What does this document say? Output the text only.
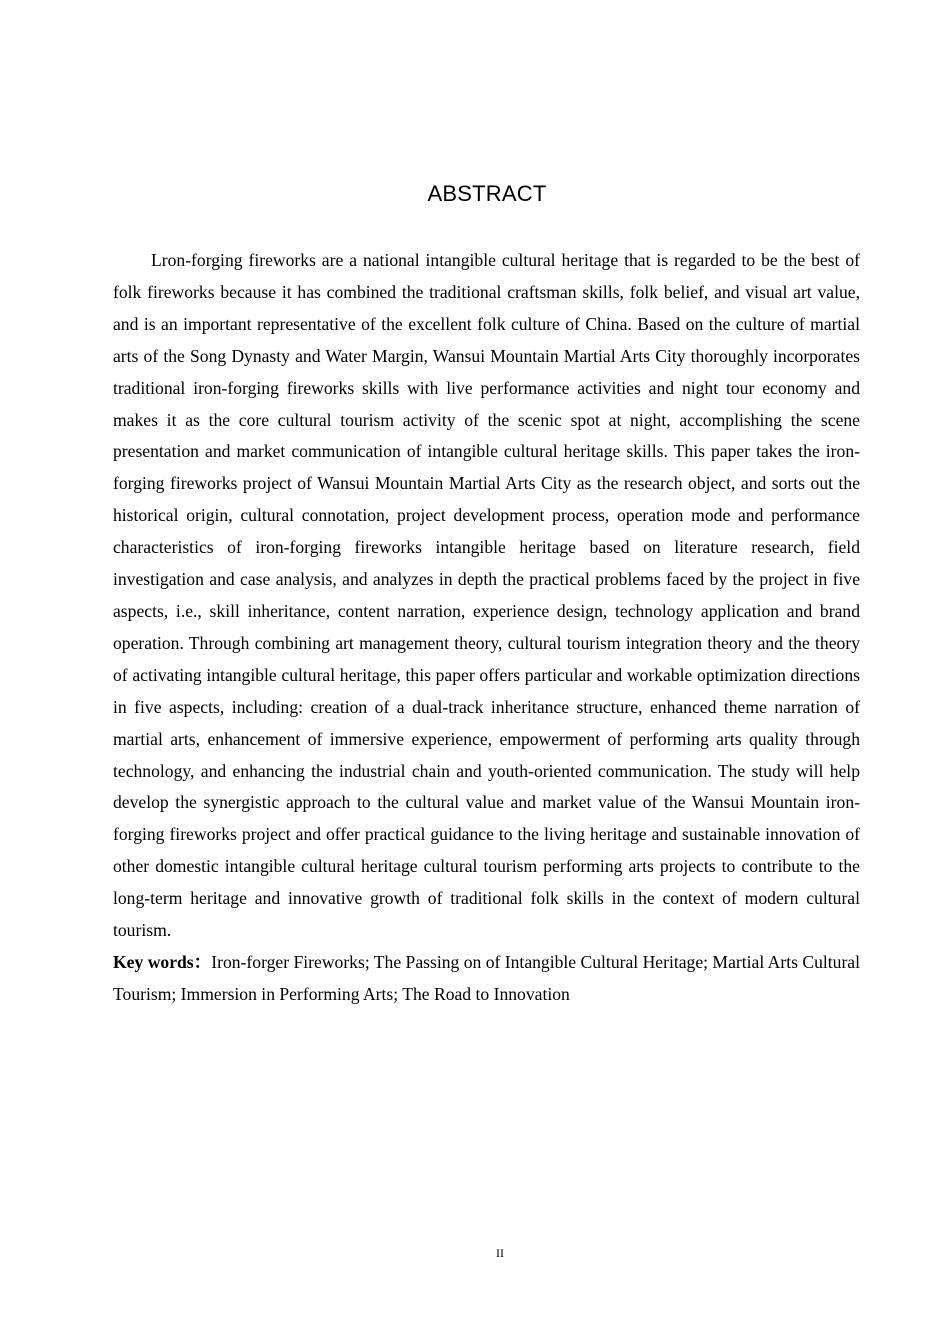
ABSTRACT

Lron-forging fireworks are a national intangible cultural heritage that is regarded to be the best of folk fireworks because it has combined the traditional craftsman skills, folk belief, and visual art value, and is an important representative of the excellent folk culture of China. Based on the culture of martial arts of the Song Dynasty and Water Margin, Wansui Mountain Martial Arts City thoroughly incorporates traditional iron-forging fireworks skills with live performance activities and night tour economy and makes it as the core cultural tourism activity of the scenic spot at night, accomplishing the scene presentation and market communication of intangible cultural heritage skills. This paper takes the iron-forging fireworks project of Wansui Mountain Martial Arts City as the research object, and sorts out the historical origin, cultural connotation, project development process, operation mode and performance characteristics of iron-forging fireworks intangible heritage based on literature research, field investigation and case analysis, and analyzes in depth the practical problems faced by the project in five aspects, i.e., skill inheritance, content narration, experience design, technology application and brand operation. Through combining art management theory, cultural tourism integration theory and the theory of activating intangible cultural heritage, this paper offers particular and workable optimization directions in five aspects, including: creation of a dual-track inheritance structure, enhanced theme narration of martial arts, enhancement of immersive experience, empowerment of performing arts quality through technology, and enhancing the industrial chain and youth-oriented communication. The study will help develop the synergistic approach to the cultural value and market value of the Wansui Mountain iron-forging fireworks project and offer practical guidance to the living heritage and sustainable innovation of other domestic intangible cultural heritage cultural tourism performing arts projects to contribute to the long-term heritage and innovative growth of traditional folk skills in the context of modern cultural tourism.

Key words：Iron-forger Fireworks; The Passing on of Intangible Cultural Heritage; Martial Arts Cultural Tourism; Immersion in Performing Arts; The Road to Innovation

II
